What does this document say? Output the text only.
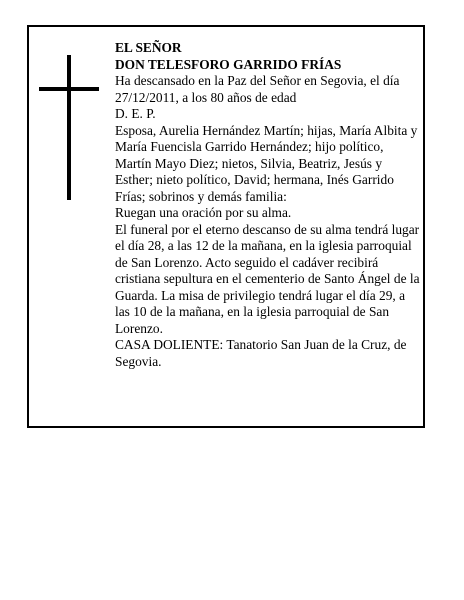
EL SEÑOR

DON TELESFORO GARRIDO FRÍAS

Ha descansado en la Paz del Señor en Segovia, el día 27/12/2011, a los 80 años de edad

D. E. P.

Esposa, Aurelia Hernández Martín; hijas, María Albita y María Fuencisla Garrido Hernández; hijo político, Martín Mayo Diez; nietos, Silvia, Beatriz, Jesús y Esther; nieto político, David; hermana, Inés Garrido Frías; sobrinos y demás familia:

Ruegan una oración por su alma.

El funeral por el eterno descanso de su alma tendrá lugar el día 28, a las 12 de la mañana, en la iglesia parroquial de San Lorenzo. Acto seguido el cadáver recibirá cristiana sepultura en el cementerio de Santo Ángel de la Guarda. La misa de privilegio tendrá lugar el día 29, a las 10 de la mañana, en la iglesia parroquial de San Lorenzo.

CASA DOLIENTE: Tanatorio San Juan de la Cruz, de Segovia.
